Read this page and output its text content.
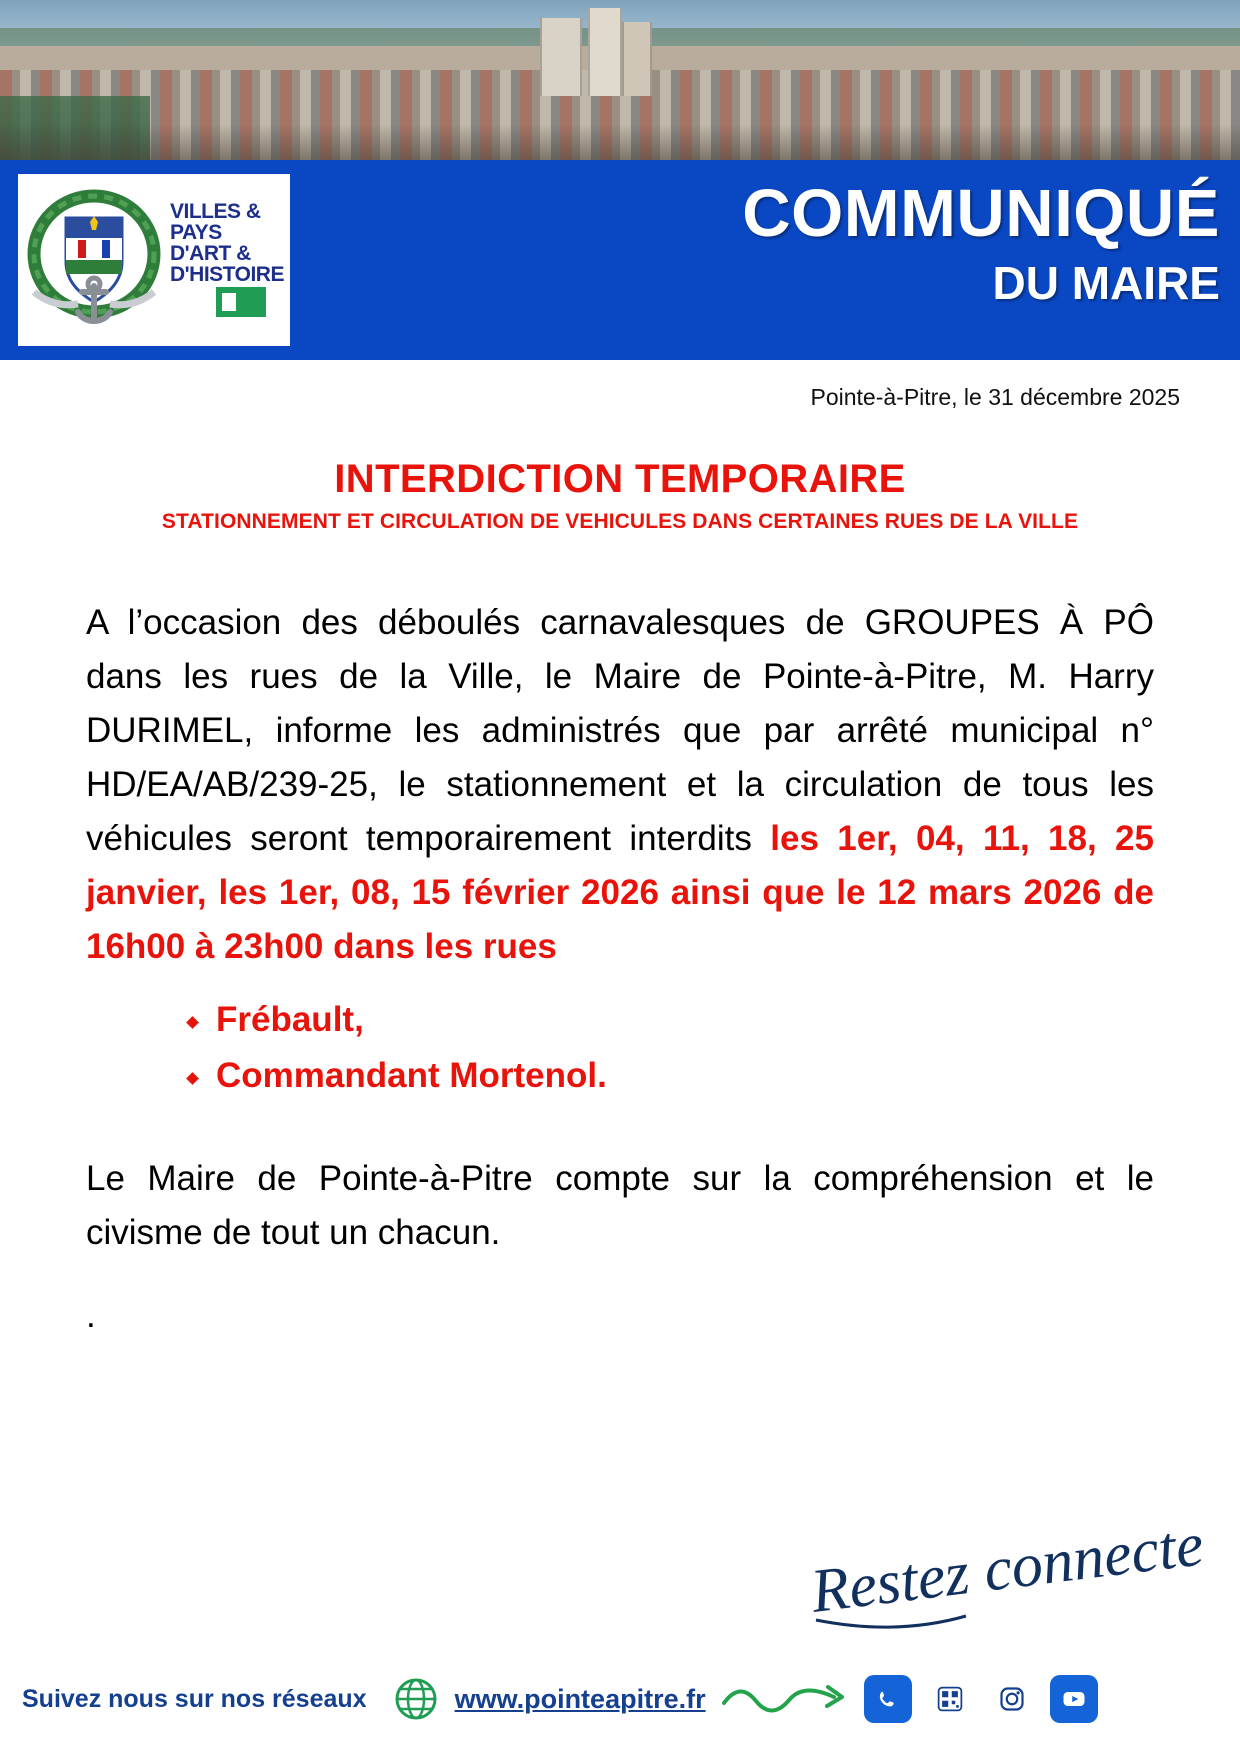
VILLES & PAYS D'ART & D'HISTOIRE
COMMUNIQUÉ
DU MAIRE
Pointe-à-Pitre, le 31 décembre 2025
INTERDICTION TEMPORAIRE
STATIONNEMENT ET CIRCULATION DE VEHICULES DANS CERTAINES RUES DE LA VILLE
A l’occasion des déboulés carnavalesques de GROUPES À PÔ dans les rues de la Ville, le Maire de Pointe-à-Pitre, M. Harry DURIMEL, informe les administrés que par arrêté municipal n° HD/EA/AB/239-25, le stationnement et la circulation de tous les véhicules seront temporairement interdits les 1er, 04, 11, 18, 25 janvier, les 1er, 08, 15 février 2026 ainsi que le 12 mars 2026 de 16h00 à 23h00 dans les rues
Frébault,
Commandant Mortenol.
Le Maire de Pointe-à-Pitre compte sur la compréhension et le civisme de tout un chacun.
.
Restez connectés
Suivez nous sur nos réseaux	www.pointeapitre.fr
